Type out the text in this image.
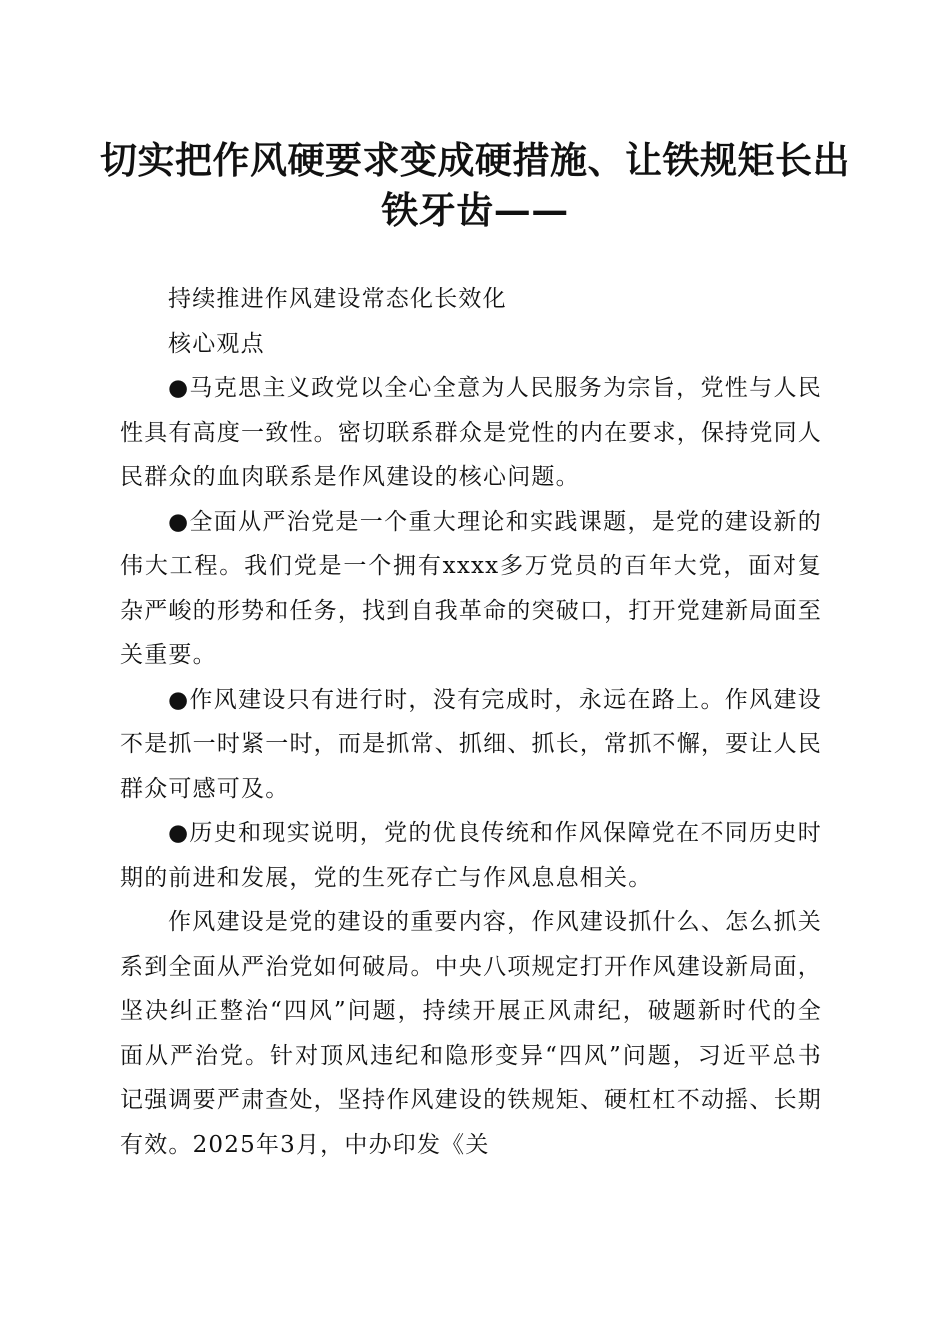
切实把作风硬要求变成硬措施、让铁规矩长出
铁牙齿——

持续推进作风建设常态化长效化

核心观点

●马克思主义政党以全心全意为人民服务为宗旨，党性与人民性具有高度一致性。密切联系群众是党性的内在要求，保持党同人民群众的血肉联系是作风建设的核心问题。

●全面从严治党是一个重大理论和实践课题，是党的建设新的伟大工程。我们党是一个拥有xxxx多万党员的百年大党，面对复杂严峻的形势和任务，找到自我革命的突破口，打开党建新局面至关重要。

●作风建设只有进行时，没有完成时，永远在路上。作风建设不是抓一时紧一时，而是抓常、抓细、抓长，常抓不懈，要让人民群众可感可及。

●历史和现实说明，党的优良传统和作风保障党在不同历史时期的前进和发展，党的生死存亡与作风息息相关。

作风建设是党的建设的重要内容，作风建设抓什么、怎么抓关系到全面从严治党如何破局。中央八项规定打开作风建设新局面，坚决纠正整治“四风”问题，持续开展正风肃纪，破题新时代的全面从严治党。针对顶风违纪和隐形变异“四风”问题，习近平总书记强调要严肃查处，坚持作风建设的铁规矩、硬杠杠不动摇、长期有效。2025年3月，中办印发《关
